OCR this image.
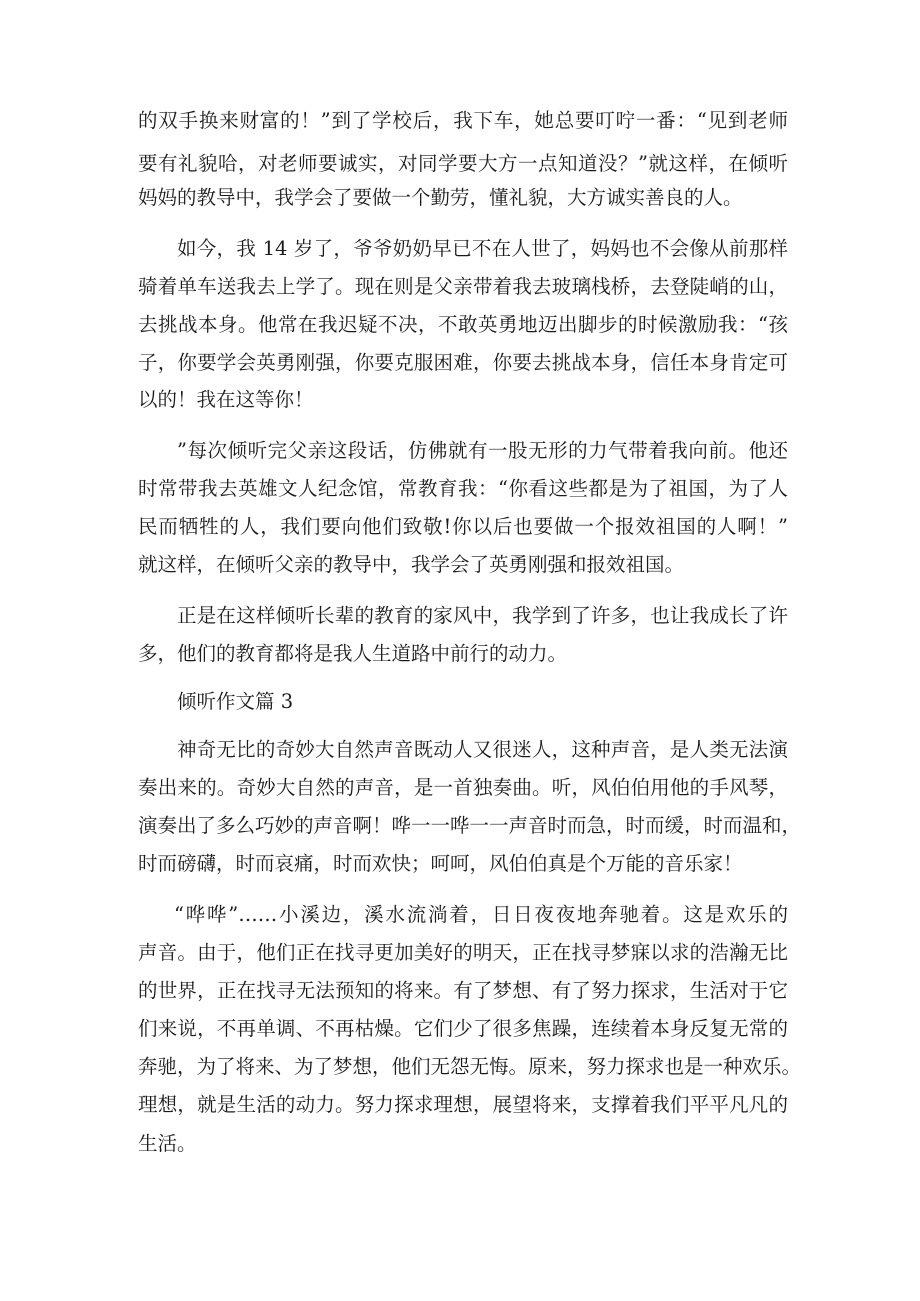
的双手换来财富的！”到了学校后，我下车，她总要叮咛一番：“见到老师

要有礼貌哈，对老师要诚实，对同学要大方一点知道没？”就这样，在倾听

妈妈的教导中，我学会了要做一个勤劳，懂礼貌，大方诚实善良的人。

如今，我 14 岁了，爷爷奶奶早已不在人世了，妈妈也不会像从前那样

骑着单车送我去上学了。现在则是父亲带着我去玻璃栈桥，去登陡峭的山，

去挑战本身。他常在我迟疑不决，不敢英勇地迈出脚步的时候激励我：“孩

子，你要学会英勇刚强，你要克服困难，你要去挑战本身，信任本身肯定可

以的！我在这等你！

”每次倾听完父亲这段话，仿佛就有一股无形的力气带着我向前。他还

时常带我去英雄文人纪念馆，常教育我：“你看这些都是为了祖国，为了人

民而牺牲的人，我们要向他们致敬!你以后也要做一个报效祖国的人啊！”

就这样，在倾听父亲的教导中，我学会了英勇刚强和报效祖国。

正是在这样倾听长辈的教育的家风中，我学到了许多，也让我成长了许

多，他们的教育都将是我人生道路中前行的动力。

倾听作文篇 3

神奇无比的奇妙大自然声音既动人又很迷人，这种声音，是人类无法演

奏出来的。奇妙大自然的声音，是一首独奏曲。听，风伯伯用他的手风琴，

演奏出了多么巧妙的声音啊！哗一一哗一一声音时而急，时而缓，时而温和，

时而磅礴，时而哀痛，时而欢快；呵呵，风伯伯真是个万能的音乐家！

“哗哗”……小溪边，溪水流淌着，日日夜夜地奔驰着。这是欢乐的

声音。由于，他们正在找寻更加美好的明天，正在找寻梦寐以求的浩瀚无比

的世界，正在找寻无法预知的将来。有了梦想、有了努力探求，生活对于它

们来说，不再单调、不再枯燥。它们少了很多焦躁，连续着本身反复无常的

奔驰，为了将来、为了梦想，他们无怨无悔。原来，努力探求也是一种欢乐。

理想，就是生活的动力。努力探求理想，展望将来，支撑着我们平平凡凡的

生活。
